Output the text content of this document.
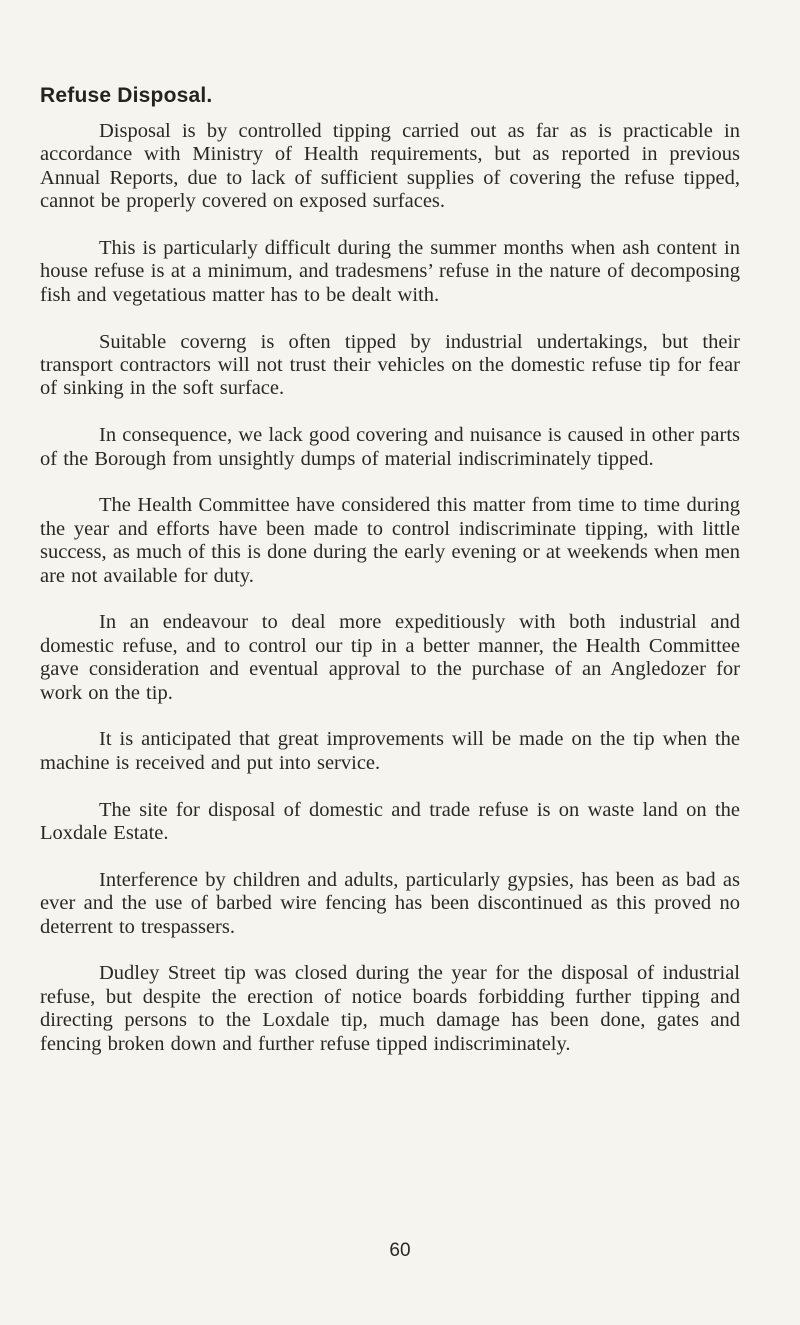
Refuse Disposal.

Disposal is by controlled tipping carried out as far as is practicable in accordance with Ministry of Health requirements, but as reported in previous Annual Reports, due to lack of sufficient supplies of covering the refuse tipped, cannot be properly covered on exposed surfaces.

This is particularly difficult during the summer months when ash content in house refuse is at a minimum, and tradesmens’ refuse in the nature of decomposing fish and vegetatious matter has to be dealt with.

Suitable coverng is often tipped by industrial undertakings, but their transport contractors will not trust their vehicles on the domestic refuse tip for fear of sinking in the soft surface.

In consequence, we lack good covering and nuisance is caused in other parts of the Borough from unsightly dumps of material indiscriminately tipped.

The Health Committee have considered this matter from time to time during the year and efforts have been made to control indiscriminate tipping, with little success, as much of this is done during the early evening or at weekends when men are not available for duty.

In an endeavour to deal more expeditiously with both industrial and domestic refuse, and to control our tip in a better manner, the Health Committee gave consideration and eventual approval to the purchase of an Angledozer for work on the tip.

It is anticipated that great improvements will be made on the tip when the machine is received and put into service.

The site for disposal of domestic and trade refuse is on waste land on the Loxdale Estate.

Interference by children and adults, particularly gypsies, has been as bad as ever and the use of barbed wire fencing has been discontinued as this proved no deterrent to trespassers.

Dudley Street tip was closed during the year for the disposal of industrial refuse, but despite the erection of notice boards forbidding further tipping and directing persons to the Loxdale tip, much damage has been done, gates and fencing broken down and further refuse tipped indiscriminately.

60
